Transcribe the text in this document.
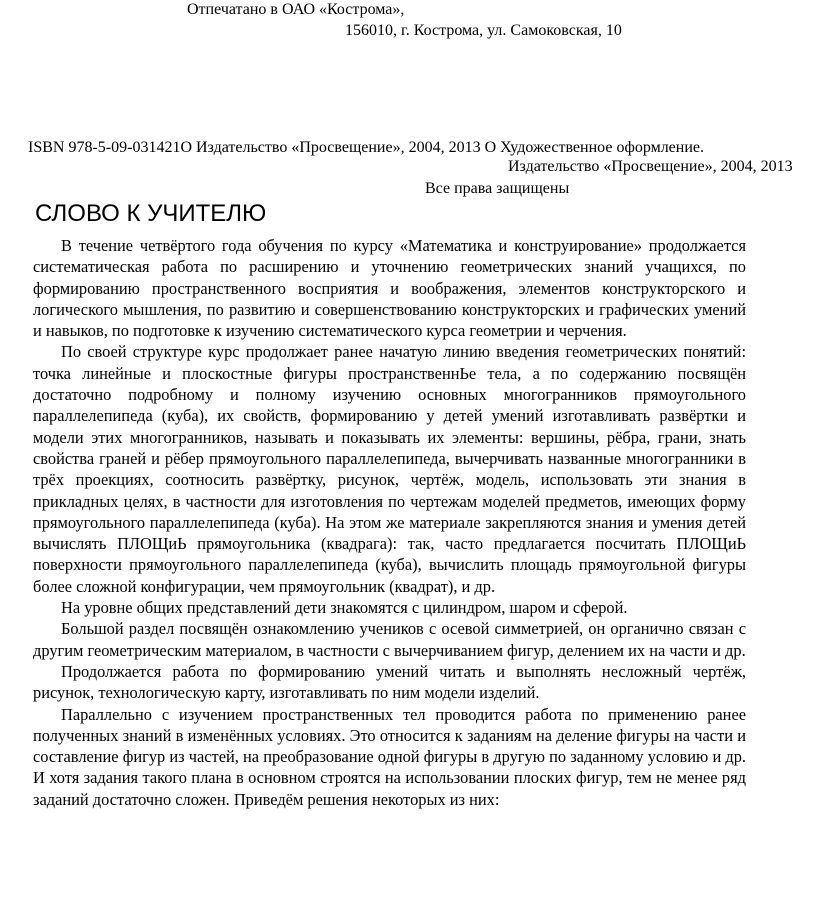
Отпечатано в ОАО «Кострома»,
156010, г. Кострома, ул. Самоковская, 10
ISBN 978-5-09-031421О Издательство «Просвещение», 2004, 2013 О Художественное оформление.
Издательство «Просвещение», 2004, 2013
Все права защищены
СЛОВО К УЧИТЕЛЮ

В течение четвёртого года обучения по курсу «Математика и конструирование» продолжается систематическая работа по расширению и уточнению геометрических знаний учащихся, по формированию пространственного восприятия и воображения, элементов конструкторского и логического мышления, по развитию и совершенствованию конструкторских и графических умений и навыков, по подготовке к изучению систематического курса геометрии и черчения.

По своей структуре курс продолжает ранее начатую линию введения геометрических понятий: точка линейные и плоскостные фигуры пространственнЬе тела, а по содержанию посвящён достаточно подробному и полному изучению основных многогранников прямоугольного параллелепипеда (куба), их свойств, формированию у детей умений изготавливать развёртки и модели этих многогранников, называть и показывать их элементы: вершины, рёбра, грани, знать свойства граней и рёбер прямоугольного параллелепипеда, вычерчивать названные многогранники в трёх проекциях, соотносить развёртку, рисунок, чертёж, модель, использовать эти знания в прикладных целях, в частности для изготовления по чертежам моделей предметов, имеющих форму прямоугольного параллелепипеда (куба). На этом же материале закрепляются знания и умения детей вычислять ПЛОЩиЬ прямоугольника (квадрага): так, часто предлагается посчитать ПЛОЩиЬ поверхности прямоугольного параллелепипеда (куба), вычислить площадь прямоугольной фигуры более сложной конфигурации, чем прямоугольник (квадрат), и др.

На уровне общих представлений дети знакомятся с цилиндром, шаром и сферой.

Большой раздел посвящён ознакомлению учеников с осевой симметрией, он органично связан с другим геометрическим материалом, в частности с вычерчиванием фигур, делением их на части и др.

Продолжается работа по формированию умений читать и выполнять несложный чертёж, рисунок, технологическую карту, изготавливать по ним модели изделий.

Параллельно с изучением пространственных тел проводится работа по применению ранее полученных знаний в изменённых условиях. Это относится к заданиям на деление фигуры на части и составление фигур из частей, на преобразование одной фигуры в другую по заданному условию и др. И хотя задания такого плана в основном строятся на использовании плоских фигур, тем не менее ряд заданий достаточно сложен. Приведём решения некоторых из них:
